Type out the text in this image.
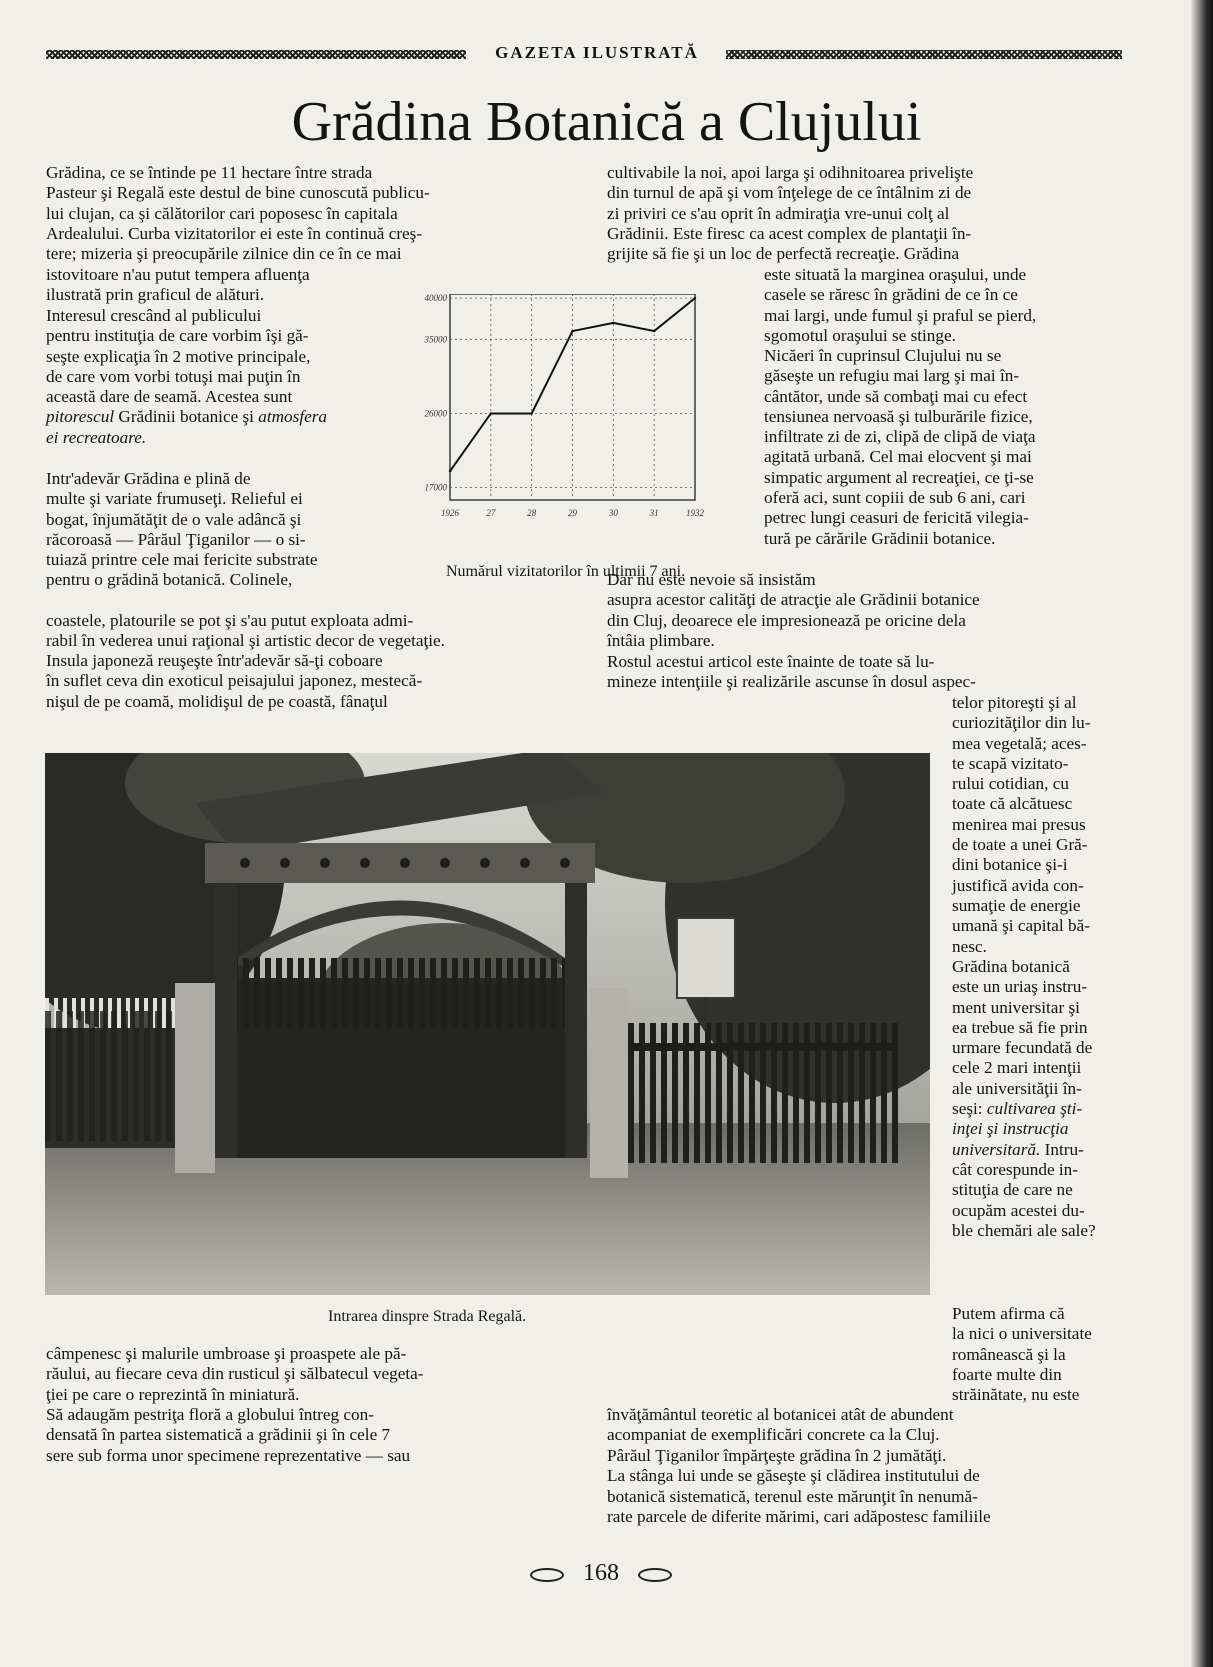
GAZETA ILUSTRATĂ
Grădina Botanică a Clujului

Grădina, ce se întinde pe 11 hectare între strada
Pasteur şi Regală este destul de bine cunoscută publicu-
lui clujan, ca şi călătorilor cari poposesc în capitala
Ardealului. Curba vizitatorilor ei este în continuă creş-
tere; mizeria şi preocupările zilnice din ce în ce mai

istovitoare n'au putut tempera afluenţa
ilustrată prin graficul de alături.

Interesul crescând al publicului
pentru instituţia de care vorbim îşi gă-
seşte explicaţia în 2 motive principale,
de care vom vorbi totuşi mai puţin în
această dare de seamă. Acestea sunt
pitorescul Grădinii botanice şi atmosfera
ei recreatoare.

Intr'adevăr Grădina e plină de
multe şi variate frumuseţi. Relieful ei
bogat, înjumătăţit de o vale adâncă şi
răcoroasă — Pârăul Ţiganilor — o si-
tuiază printre cele mai fericite substrate
pentru o grădină botanică. Colinele,

coastele, platourile se pot şi s'au putut exploata admi-
rabil în vederea unui raţional şi artistic decor de vegetaţie.

Insula japoneză reuşeşte într'adevăr să-ţi coboare
în suflet ceva din exoticul peisajului japonez, mestecă-
nişul de pe coamă, molidişul de pe coastă, fânaţul

1926	27	28	29	30	31	1932
40000
35000
26000
17000

Numărul vizitatorilor în ultimii 7 ani.

cultivabile la noi, apoi larga şi odihnitoarea privelişte
din turnul de apă şi vom înţelege de ce întâlnim zi de
zi priviri ce s'au oprit în admiraţia vre-unui colţ al
Grădinii. Este firesc ca acest complex de plantaţii în-
grijite să fie şi un loc de perfectă recreaţie. Grădina

este situată la marginea oraşului, unde
casele se răresc în grădini de ce în ce
mai largi, unde fumul şi praful se pierd,
sgomotul oraşului se stinge.

Nicăeri în cuprinsul Clujului nu se
găseşte un refugiu mai larg şi mai în-
cântător, unde să combaţi mai cu efect
tensiunea nervoasă şi tulburările fizice,
infiltrate zi de zi, clipă de clipă de viaţa
agitată urbană. Cel mai elocvent şi mai
simpatic argument al recreaţiei, ce ţi-se
oferă aci, sunt copiii de sub 6 ani, cari
petrec lungi ceasuri de fericită vilegia-
tură pe cărările Grădinii botanice.

Dar nu este nevoie să insistăm
asupra acestor calităţi de atracţie ale Grădinii botanice
din Cluj, deoarece ele impresionează pe oricine dela
întâia plimbare.

Rostul acestui articol este înainte de toate să lu-
mineze intenţiile şi realizările ascunse în dosul aspec-

telor pitoreşti şi al
curiozităţilor din lu-
mea vegetală; aces-
te scapă vizitato-
rului cotidian, cu
toate că alcătuesc
menirea mai presus
de toate a unei Gră-
dini botanice şi-i
justifică avida con-
sumaţie de energie
umană şi capital bă-
nesc.

Grădina botanică
este un uriaş instru-
ment universitar şi
ea trebue să fie prin
urmare fecundată de
cele 2 mari intenţii
ale universităţii în-
seşi: cultivarea şti-
inţei şi instrucţia
universitară. Intru-
cât corespunde in-
stituţia de care ne
ocupăm acestei du-
ble chemări ale sale?

Putem afirma că
la nici o universitate
românească şi la
foarte multe din
străinătate, nu este

învăţământul teoretic al botanicei atât de abundent
acompaniat de exemplificări concrete ca la Cluj.

Pârăul Ţiganilor împărţeşte grădina în 2 jumătăţi.
La stânga lui unde se găseşte şi clădirea institutului de
botanică sistematică, terenul este mărunţit în nenumă-
rate parcele de diferite mărimi, cari adăpostesc familiile

Intrarea dinspre Strada Regală.

câmpenesc şi malurile umbroase şi proaspete ale pă-
răului, au fiecare ceva din rusticul şi sălbatecul vegeta-
ţiei pe care o reprezintă în miniatură.

Să adaugăm pestriţa floră a globului întreg con-
densată în partea sistematică a grădinii şi în cele 7
sere sub forma unor specimene reprezentative — sau

168
